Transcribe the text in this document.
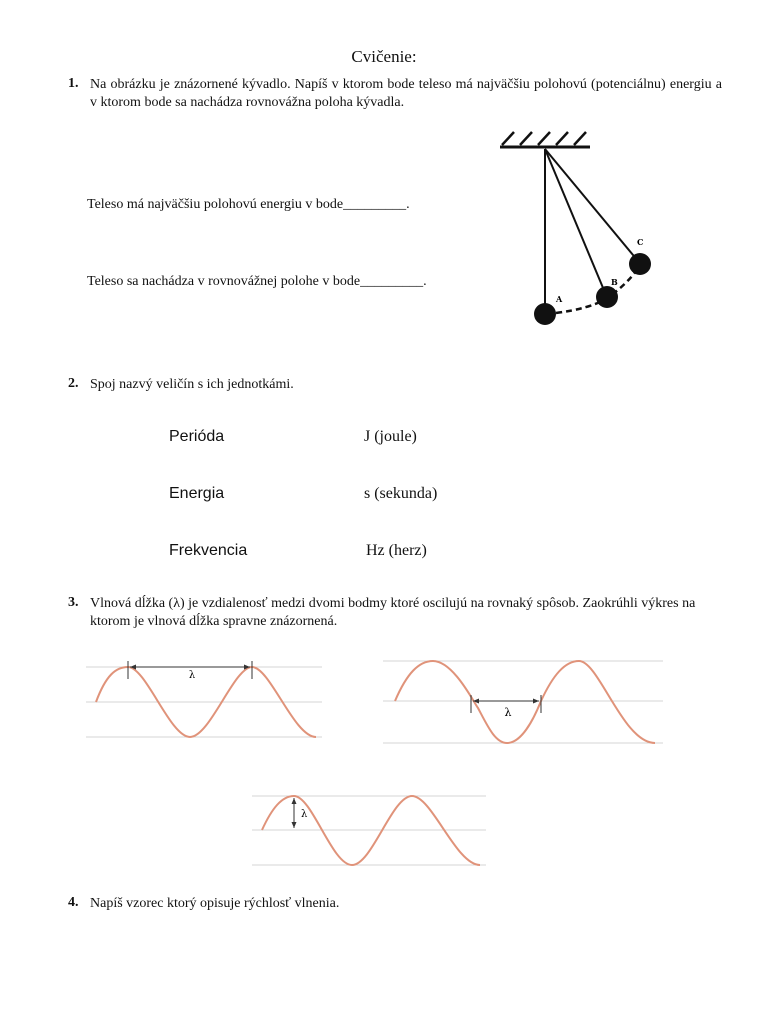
Cvičenie:
1. Na obrázku je znázornené kývadlo. Napíš v ktorom bode teleso má najväčšiu polohovú (potenciálnu) energiu a v ktorom bode sa nachádza rovnovážna poloha kývadla.
Teleso má najväčšiu polohovú energiu v bode_________.
Teleso sa nachádza v rovnovážnej polohe v bode_________.
A
B
C
2. Spoj nazvý veličín s ich jednotkámi.
Perióda
Energia
Frekvencia
J (joule)
s (sekunda)
Hz (herz)
3. Vlnová dĺžka (λ) je vzdialenosť medzi dvomi bodmy ktoré oscilujú na rovnaký spôsob. Zaokrúhli výkres na ktorom je vlnová dĺžka spravne znázornená.
λ
λ
λ
4. Napíš vzorec ktorý opisuje rýchlosť vlnenia.
